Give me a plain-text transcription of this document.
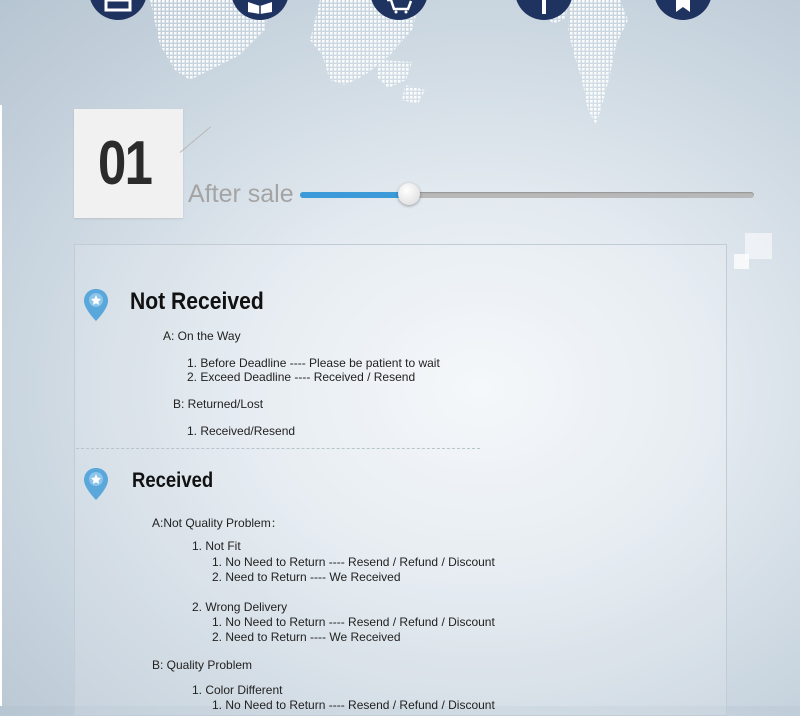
01 After sale
Not Received
A: On the Way
1. Before Deadline ---- Please be patient to wait
2. Exceed Deadline ---- Received / Resend
B: Returned/Lost
1. Received/Resend
Received
A:Not Quality Problem：
1. Not Fit
1. No Need to Return ---- Resend / Refund / Discount
2. Need to Return ---- We Received
2. Wrong Delivery
1. No Need to Return ---- Resend / Refund / Discount
2. Need to Return ---- We Received
B: Quality Problem
1. Color Different
1. No Need to Return ---- Resend / Refund / Discount
